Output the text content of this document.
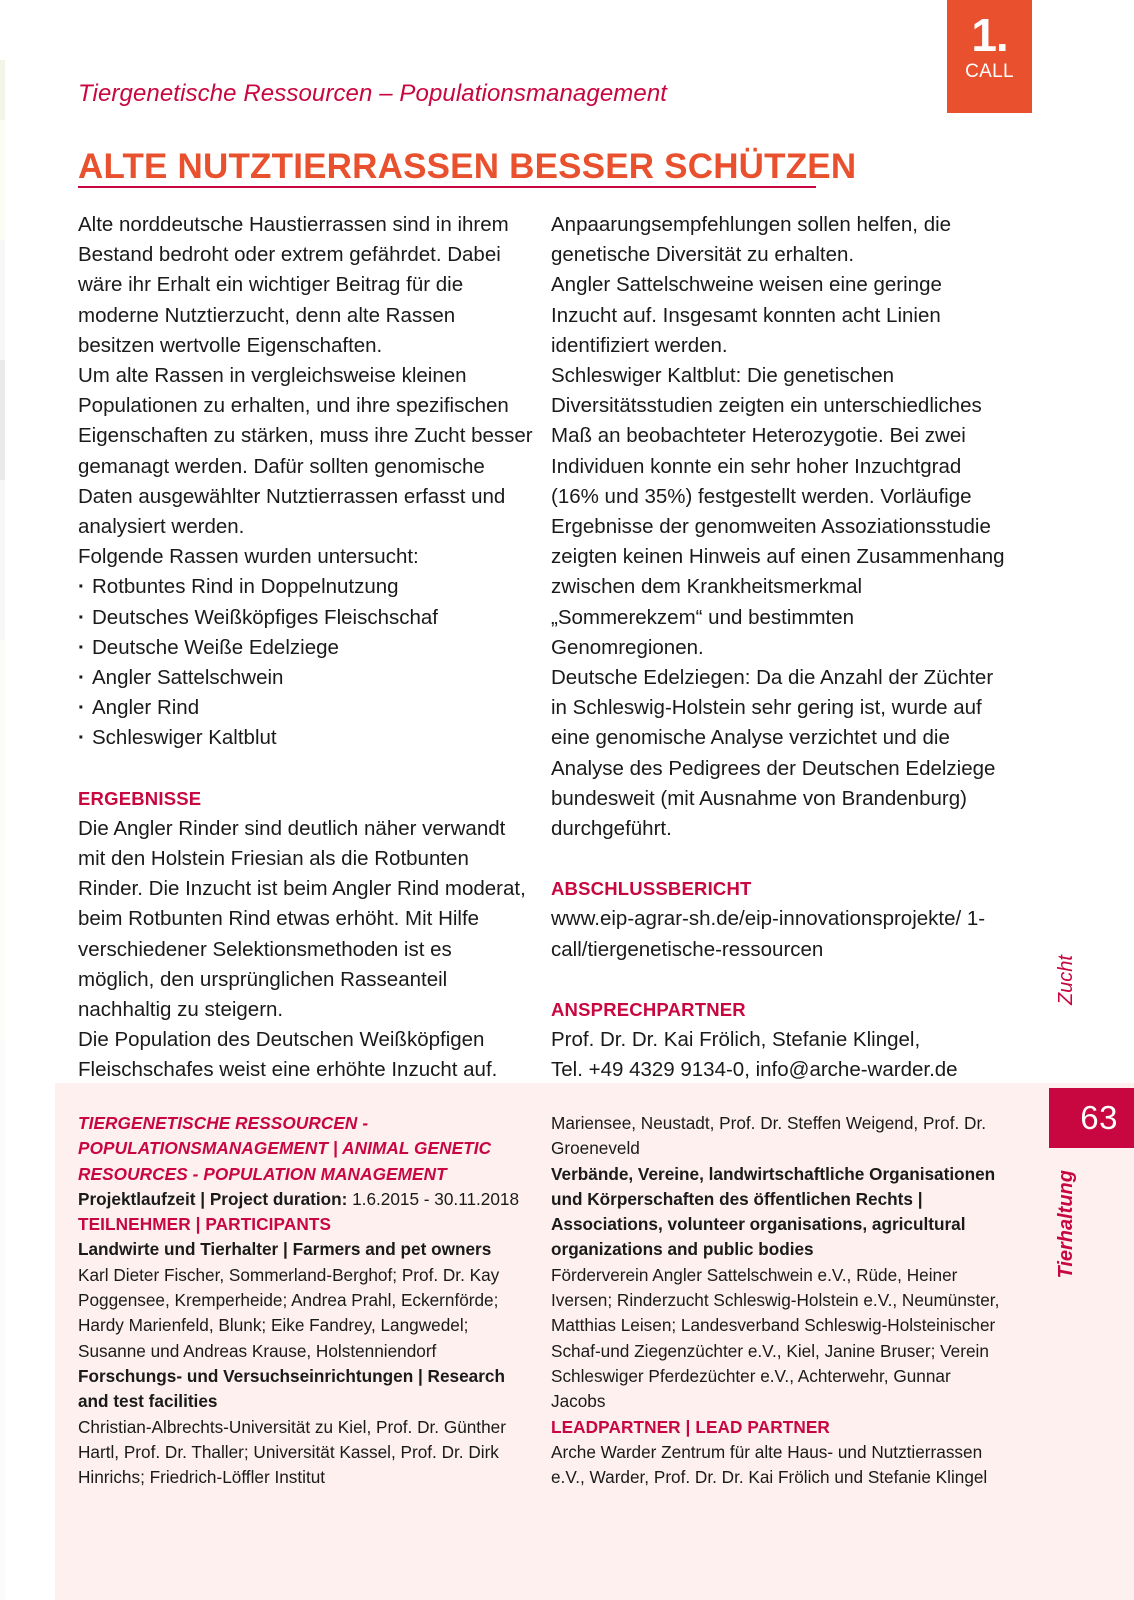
1.
CALL
Tiergenetische Ressourcen – Populationsmanagement
ALTE NUTZTIERRASSEN BESSER SCHÜTZEN

Alte norddeutsche Haustierrassen sind in ihrem Bestand bedroht oder extrem gefährdet. Dabei wäre ihr Erhalt ein wichtiger Beitrag für die moderne Nutztierzucht, denn alte Rassen besitzen wertvolle Eigenschaften.

Um alte Rassen in vergleichsweise kleinen Populationen zu erhalten, und ihre spezifischen Eigenschaften zu stärken, muss ihre Zucht besser gemanagt werden. Dafür sollten genomische Daten ausgewählter Nutztierrassen erfasst und analysiert werden.

Folgende Rassen wurden untersucht:

· Rotbuntes Rind in Doppelnutzung
· Deutsches Weißköpfiges Fleischschaf
· Deutsche Weiße Edelziege
· Angler Sattelschwein
· Angler Rind
· Schleswiger Kaltblut

ERGEBNISSE

Die Angler Rinder sind deutlich näher verwandt mit den Holstein Friesian als die Rotbunten Rinder. Die Inzucht ist beim Angler Rind moderat, beim Rotbunten Rind etwas erhöht. Mit Hilfe verschiedener Selektionsmethoden ist es möglich, den ursprünglichen Rasseanteil nachhaltig zu steigern.

Die Population des Deutschen Weißköpfigen Fleischschafes weist eine erhöhte Inzucht auf.

Anpaarungsempfehlungen sollen helfen, die genetische Diversität zu erhalten.

Angler Sattelschweine weisen eine geringe Inzucht auf. Insgesamt konnten acht Linien identifiziert werden.

Schleswiger Kaltblut: Die genetischen Diversitätsstudien zeigten ein unterschiedliches Maß an beobachteter Heterozygotie. Bei zwei Individuen konnte ein sehr hoher Inzuchtgrad (16% und 35%) festgestellt werden. Vorläufige Ergebnisse der genomweiten Assoziationsstudie zeigten keinen Hinweis auf einen Zusammenhang zwischen dem Krankheitsmerkmal „Sommerekzem“ und bestimmten Genomregionen.

Deutsche Edelziegen: Da die Anzahl der Züchter in Schleswig-Holstein sehr gering ist, wurde auf eine genomische Analyse verzichtet und die Analyse des Pedigrees der Deutschen Edelziege bundesweit (mit Ausnahme von Brandenburg) durchgeführt.

ABSCHLUSSBERICHT

www.eip-agrar-sh.de/eip-innovationsprojekte/ 1-call/tiergenetische-ressourcen

ANSPRECHPARTNER

Prof. Dr. Dr. Kai Frölich, Stefanie Klingel,

Tel. +49 4329 9134-0, info@arche-warder.de

TIERGENETISCHE RESSOURCEN - POPULATIONSMANAGEMENT | ANIMAL GENETIC RESOURCES - POPULATION MANAGEMENT

Projektlaufzeit | Project duration: 1.6.2015 - 30.11.2018

TEILNEHMER | PARTICIPANTS

Landwirte und Tierhalter | Farmers and pet owners

Karl Dieter Fischer, Sommerland-Berghof; Prof. Dr. Kay Poggensee, Kremperheide; Andrea Prahl, Eckernförde; Hardy Marienfeld, Blunk; Eike Fandrey, Langwedel; Susanne und Andreas Krause, Holstenniendorf

Forschungs- und Versuchseinrichtungen | Research and test facilities

Christian-Albrechts-Universität zu Kiel, Prof. Dr. Günther Hartl, Prof. Dr. Thaller; Universität Kassel, Prof. Dr. Dirk Hinrichs; Friedrich-Löffler Institut

Mariensee, Neustadt, Prof. Dr. Steffen Weigend, Prof. Dr. Groeneveld

Verbände, Vereine, landwirtschaftliche Organisationen und Körperschaften des öffentlichen Rechts | Associations, volunteer organisations, agricultural organizations and public bodies

Förderverein Angler Sattelschwein e.V., Rüde, Heiner Iversen; Rinderzucht Schleswig-Holstein e.V., Neumünster, Matthias Leisen; Landesverband Schleswig-Holsteinischer Schaf-und Ziegenzüchter e.V., Kiel, Janine Bruser; Verein Schleswiger Pferdezüchter e.V., Achterwehr, Gunnar Jacobs

LEADPARTNER | LEAD PARTNER

Arche Warder Zentrum für alte Haus- und Nutztierrassen e.V., Warder, Prof. Dr. Dr. Kai Frölich und Stefanie Klingel

Zucht
63
Tierhaltung
